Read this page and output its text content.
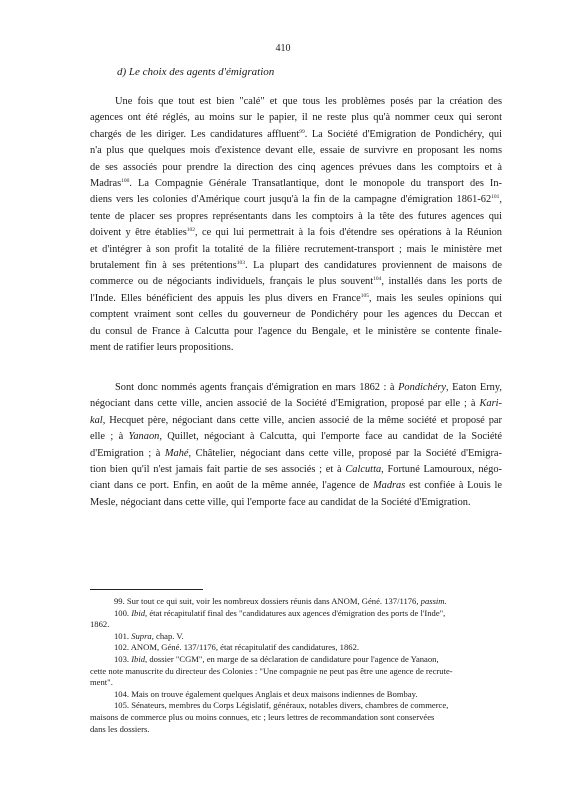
410
d) Le choix des agents d'émigration
Une fois que tout est bien "calé" et que tous les problèmes posés par la création des
agences ont été réglés, au moins sur le papier, il ne reste plus qu'à nommer ceux qui seront
chargés de les diriger. Les candidatures affluent$^{99}$. La Société d'Emigration de Pondichéry, qui
n'a plus que quelques mois d'existence devant elle, essaie de survivre en proposant les noms
de ses associés pour prendre la direction des cinq agences prévues dans les comptoirs et à
Madras$^{100}$. La Compagnie Générale Transatlantique, dont le monopole du transport des In-
diens vers les colonies d'Amérique court jusqu'à la fin de la campagne d'émigration $1861-62^{101}$,
tente de placer ses propres représentants dans les comptoirs à la tête des futures agences qui
doivent y être établies$^{102}$, ce qui lui permettrait à la fois d'étendre ses opérations à la Réunion
et d'intégrer à son profit la totalité de la filière recrutement-transport ; mais le ministère met
brutalement fin à ses prétentions$^{103}$. La plupart des candidatures proviennent de maisons de
commerce ou de négociants individuels, français le plus souvent$^{104}$, installés dans les ports de
l'Inde. Elles bénéficient des appuis les plus divers en France$^{105}$, mais les seules opinions qui
comptent vraiment sont celles du gouverneur de Pondichéry pour les agences du Deccan et
du consul de France à Calcutta pour l'agence du Bengale, et le ministère se contente finale-
ment de ratifier leurs propositions.
Sont donc nommés agents français d'émigration en mars 1862 : à Pondichéry, Eaton Erny,
négociant dans cette ville, ancien associé de la Société d'Emigration, proposé par elle ; à Kari-
kal, Hecquet père, négociant dans cette ville, ancien associé de la même société et proposé par
elle ; à Yanaon, Quillet, négociant à Calcutta, qui l'emporte face au candidat de la Société
d'Emigration ; à Mahé, Châtelier, négociant dans cette ville, proposé par la Société d'Emigra-
tion bien qu'il n'est jamais fait partie de ses associés ; et à Calcutta, Fortuné Lamouroux, négo-
ciant dans ce port. Enfin, en août de la même année, l'agence de Madras est confiée à Louis le
Mesle, négociant dans cette ville, qui l'emporte face au candidat de la Société d'Emigration.
99. Sur tout ce qui suit, voir les nombreux dossiers réunis dans ANOM, Géné. 137/1176, passim.
100. Ibid, état récapitulatif final des "candidatures aux agences d'émigration des ports de l'Inde",
1862.
101. Supra, chap. V.
102. ANOM, Géné. 137/1176, état récapitulatif des candidatures, 1862.
103. Ibid, dossier "CGM", en marge de sa déclaration de candidature pour l'agence de Yanaon,
cette note manuscrite du directeur des Colonies : "Une compagnie ne peut pas être une agence de recrute-
ment".
104. Mais on trouve également quelques Anglais et deux maisons indiennes de Bombay.
105. Sénateurs, membres du Corps Législatif, généraux, notables divers, chambres de commerce,
maisons de commerce plus ou moins connues, etc ; leurs lettres de recommandation sont conservées
dans les dossiers.
